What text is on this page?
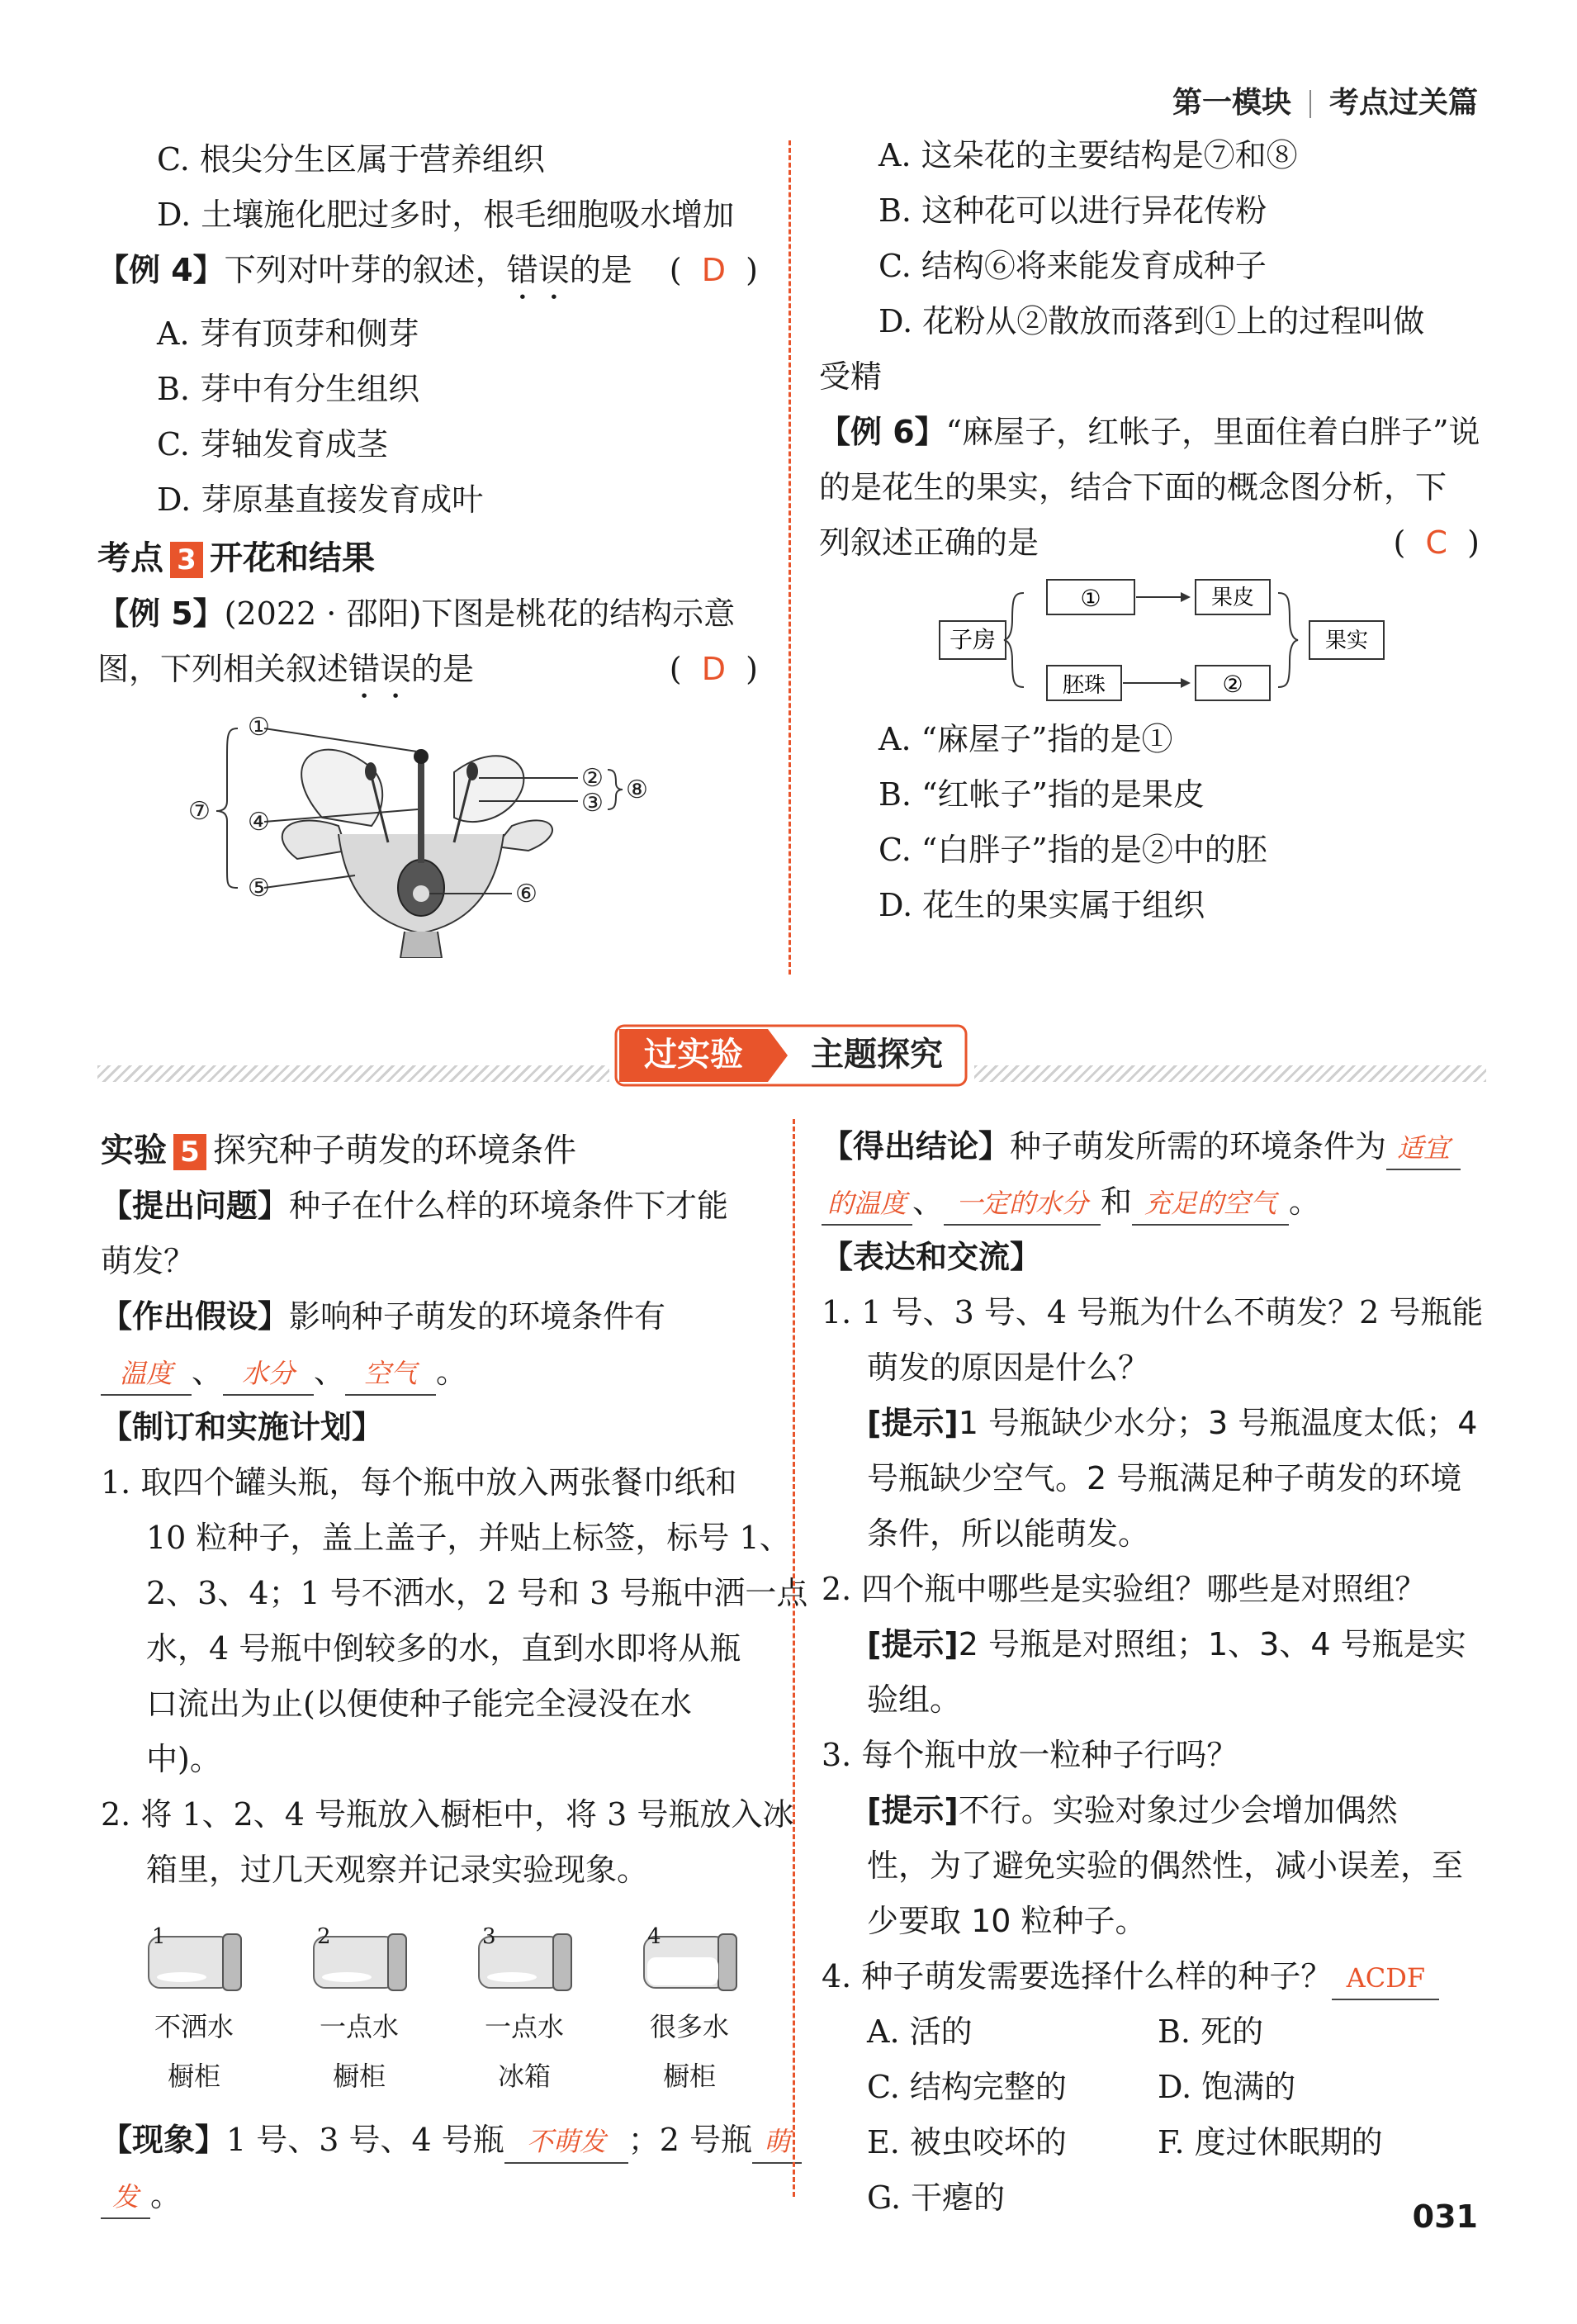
第一模块 考点过关篇
C. 根尖分生区属于营养组织
D. 土壤施化肥过多时，根毛细胞吸水增加
【例 4】下列对叶芽的叙述，错误的是 (  D  )
A. 芽有顶芽和侧芽
B. 芽中有分生组织
C. 芽轴发育成茎
D. 芽原基直接发育成叶
考点 3 开花和结果
【例 5】(2022 · 邵阳)下图是桃花的结构示意
图，下列相关叙述错误的是	(  D  )
①
②
③
④
⑤	⑥
⑦
⑧
A. 这朵花的主要结构是⑦和⑧
B. 这种花可以进行异花传粉
C. 结构⑥将来能发育成种子
D. 花粉从②散放而落到①上的过程叫做
受精
【例 6】“麻屋子，红帐子，里面住着白胖子”说
的是花生的果实，结合下面的概念图分析，下
列叙述正确的是	(  C  )
子房
①
胚珠
果皮
②
果实
A. “麻屋子”指的是①
B. “红帐子”指的是果皮
C. “白胖子”指的是②中的胚
D. 花生的果实属于组织
过实验 主题探究
实验 5 探究种子萌发的环境条件
【提出问题】种子在什么样的环境条件下才能
萌发？
【作出假设】影响种子萌发的环境条件有
温度 、 水分 、 空气 。
【制订和实施计划】
1. 取四个罐头瓶，每个瓶中放入两张餐巾纸和
10 粒种子，盖上盖子，并贴上标签，标号 1、
2、3、4；1 号不洒水，2 号和 3 号瓶中洒一点
水，4 号瓶中倒较多的水，直到水即将从瓶
口流出为止(以便使种子能完全浸没在水
中)。
2. 将 1、2、4 号瓶放入橱柜中，将 3 号瓶放入冰
箱里，过几天观察并记录实验现象。
1
不洒水
橱柜
2
一点水
橱柜
3
一点水
冰箱
4
很多水
橱柜
【现象】1 号、3 号、4 号瓶 不萌发 ；2 号瓶 萌
发 。
【得出结论】种子萌发所需的环境条件为 适宜
的温度 、 一定的水分 和 充足的空气 。
【表达和交流】
1. 1 号、3 号、4 号瓶为什么不萌发？2 号瓶能
萌发的原因是什么？
[提示]1 号瓶缺少水分；3 号瓶温度太低；4
号瓶缺少空气。2 号瓶满足种子萌发的环境
条件，所以能萌发。
2. 四个瓶中哪些是实验组？哪些是对照组？
[提示]2 号瓶是对照组；1、3、4 号瓶是实
验组。
3. 每个瓶中放一粒种子行吗？
[提示]不行。实验对象过少会增加偶然
性，为了避免实验的偶然性，减小误差，至
少要取 10 粒种子。
4. 种子萌发需要选择什么样的种子？ ACDF
A. 活的	B. 死的
C. 结构完整的	D. 饱满的
E. 被虫咬坏的	F. 度过休眠期的
G. 干瘪的
031
